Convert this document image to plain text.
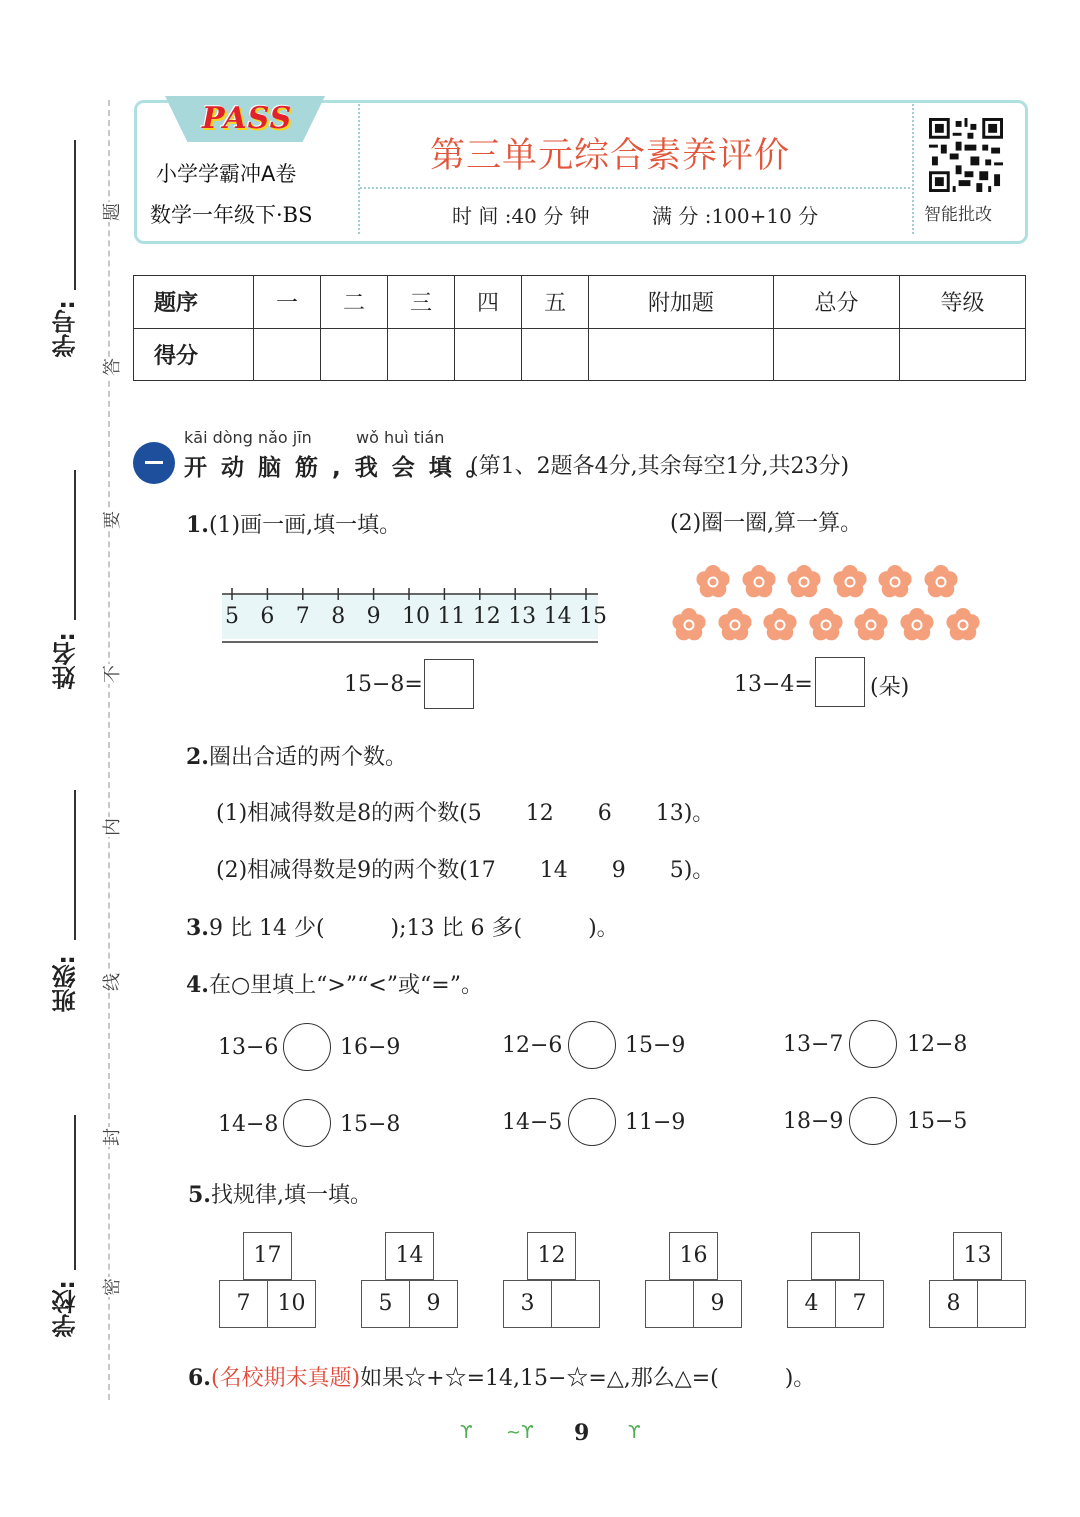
学号:
姓名:
班级:
学校:
题
答
要
不
内
线
封
密
PASS
小学学霸冲A卷
数学一年级下·BS
第三单元综合素养评价
时 间 :40 分 钟	满 分 :100+10 分	智能批改
题序	一	二	三	四	五	附加题	总分	等级
得分								
kāi dòng nǎo jīn	wǒ huì tián
开 动 脑 筋 , 我 会 填 。
(第1、2题各4分,其余每空1分,共23分)
1.(1)画一画,填一填。	(2)圈一圈,算一算。
5 6 7 8 9 10 11 12 13 14 15
15−8=	13−4=	(朵)
2.圈出合适的两个数。
(1)相减得数是8的两个数(5　　12　　6　　13)。
(2)相减得数是9的两个数(17　　14　　9　　5)。
3.9 比 14 少(　　　);13 比 6 多(　　　)。
4.在○里填上“>”“<”或“=”。
13−6	16−9	12−6	15−9	13−7	12−8
14−8	15−8	14−5	11−9	18−9	15−5
5.找规律,填一填。
17
7	10
14
5	9
12
3
16
9	4	7
13
8
6.(名校期末真题)如果☆+☆=14,15−☆=△,那么△=(　　　)。
ϒ ~ϒ 9 ϒ
